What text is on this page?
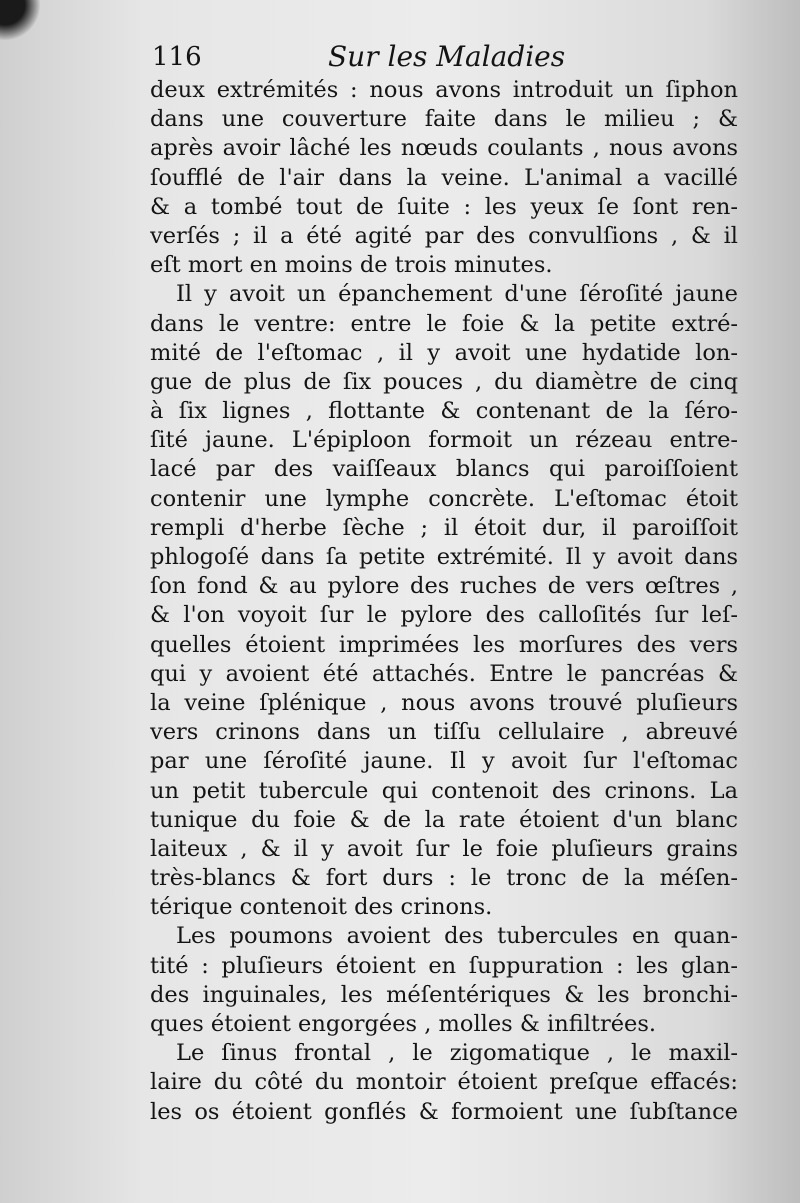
116	Sur les Maladies
deux extrémités : nous avons introduit un ſiphon
dans une couverture faite dans le milieu ; &
après avoir lâché les nœuds coulants , nous avons
ſoufflé de l'air dans la veine. L'animal a vacillé
& a tombé tout de ſuite : les yeux ſe ſont ren-
verſés ; il a été agité par des convulſions , & il
eſt mort en moins de trois minutes.
Il y avoit un épanchement d'une ſéroſité jaune
dans le ventre: entre le foie & la petite extré-
mité de l'eſtomac , il y avoit une hydatide lon-
gue de plus de ſix pouces , du diamètre de cinq
à ſix lignes , flottante & contenant de la ſéro-
ſité jaune. L'épiploon formoit un rézeau entre-
lacé par des vaiſſeaux blancs qui paroiſſoient
contenir une lymphe concrète. L'eſtomac étoit
rempli d'herbe ſèche ; il étoit dur, il paroiſſoit
phlogoſé dans ſa petite extrémité. Il y avoit dans
ſon fond & au pylore des ruches de vers œſtres ,
& l'on voyoit ſur le pylore des calloſités ſur leſ-
quelles étoient imprimées les morſures des vers
qui y avoient été attachés. Entre le pancréas &
la veine ſplénique , nous avons trouvé pluſieurs
vers crinons dans un tiſſu cellulaire , abreuvé
par une ſéroſité jaune. Il y avoit ſur l'eſtomac
un petit tubercule qui contenoit des crinons. La
tunique du foie & de la rate étoient d'un blanc
laiteux , & il y avoit ſur le foie pluſieurs grains
très-blancs & fort durs : le tronc de la méſen-
térique contenoit des crinons.
Les poumons avoient des tubercules en quan-
tité : pluſieurs étoient en ſuppuration : les glan-
des inguinales, les méſentériques & les bronchi-
ques étoient engorgées , molles & infiltrées.
Le ſinus frontal , le zigomatique , le maxil-
laire du côté du montoir étoient preſque effacés:
les os étoient gonflés & formoient une ſubſtance
